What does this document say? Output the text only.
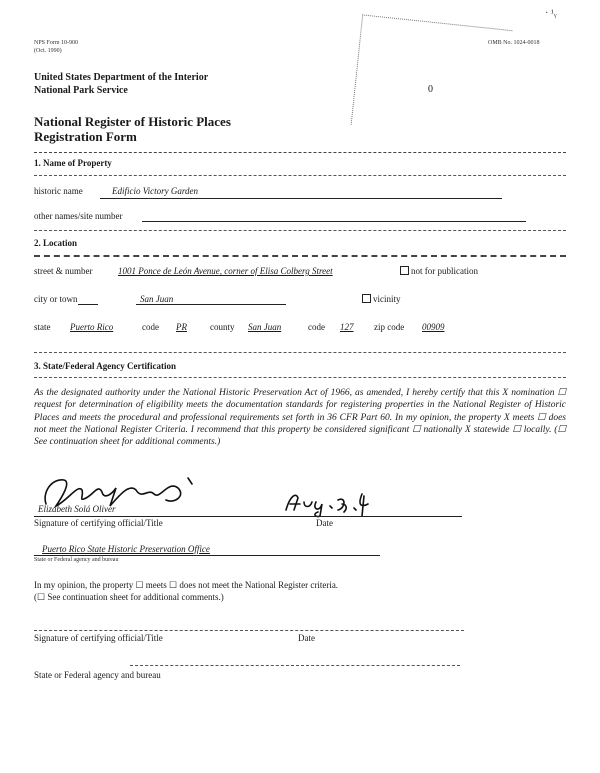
· ¹ᵧ
NPS Form 10-900
(Oct. 1990)
OMB No. 1024-0018
0
United States Department of the Interior
National Park Service
National Register of Historic Places
Registration Form
1. Name of Property
historic name	Edificio Victory Garden
other names/site number
2. Location
street & number	1001 Ponce de León Avenue, corner of Elisa Colberg Street	not for publication
city or town	San Juan	vicinity
state Puerto Rico	code PR	county San Juan	code 127 zip code 00909
3. State/Federal Agency Certification
As the designated authority under the National Historic Preservation Act of 1966, as amended, I hereby certify that this X nomination ☐ request for determination of eligibility meets the documentation standards for registering properties in the National Register of Historic Places and meets the procedural and professional requirements set forth in 36 CFR Part 60. In my opinion, the property X meets ☐ does not meet the National Register Criteria. I recommend that this property be considered significant ☐ nationally X statewide ☐ locally. (☐ See continuation sheet for additional comments.)
Elizabeth Solá Oliver
Signature of certifying official/Title	Date
Puerto Rico State Historic Preservation Office
State or Federal agency and bureau
In my opinion, the property ☐ meets ☐ does not meet the National Register criteria.
(☐ See continuation sheet for additional comments.)
Signature of certifying official/Title	Date
State or Federal agency and bureau
